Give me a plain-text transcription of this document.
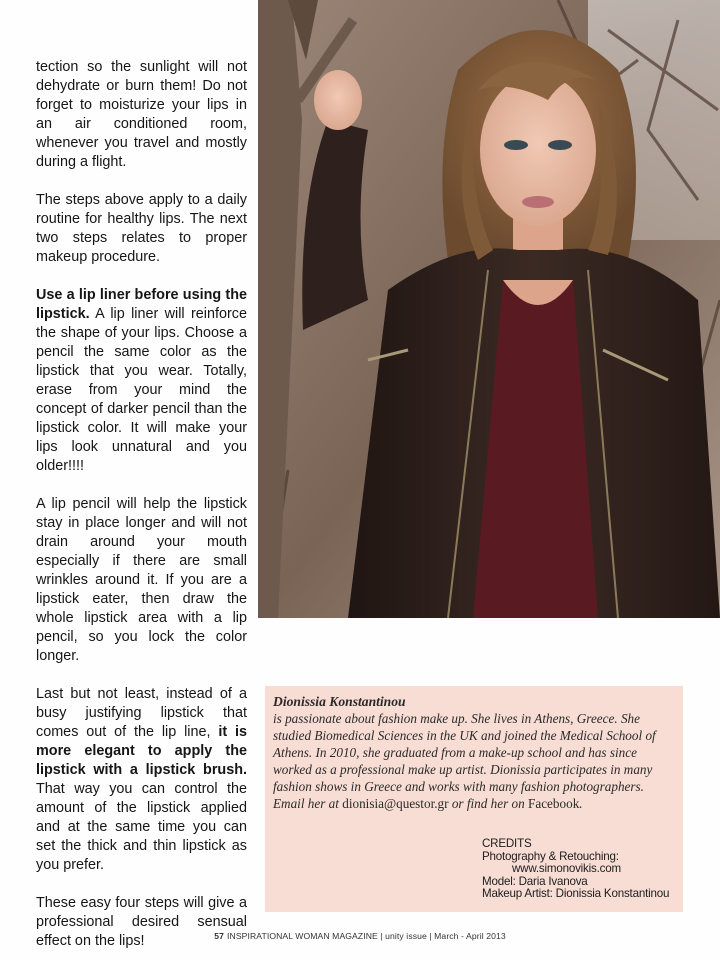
tection so the sunlight will not dehydrate or burn them! Do not forget to moisturize your lips in an air conditioned room, whenever you travel and mostly during a flight.

The steps above apply to a daily routine for healthy lips. The next two steps relates to proper makeup procedure.

Use a lip liner before using the lipstick. A lip liner will reinforce the shape of your lips. Choose a pencil the same color as the lipstick that you wear. Totally, erase from your mind the concept of darker pencil than the lipstick color. It will make your lips look unnatural and you older!!!!

A lip pencil will help the lipstick stay in place longer and will not drain around your mouth especially if there are small wrinkles around it. If you are a lipstick eater, then draw the whole lipstick area with a lip pencil, so you lock the color longer.

Last but not least, instead of a busy justifying lipstick that comes out of the lip line, it is more elegant to apply the lipstick with a lipstick brush. That way you can control the amount of the lipstick applied and at the same time you can set the thick and thin lipstick as you prefer.

These easy four steps will give a professional desired sensual effect on the lips!

Dionissia Konstantinou
is passionate about fashion make up. She lives in Athens, Greece. She studied Biomedical Sciences in the UK and joined the Medical School of Athens. In 2010, she graduated from a make-up school and has since worked as a professional make up artist. Dionissia participates in many fashion shows in Greece and works with many fashion photographers. Email her at dionisia@questor.gr or find her on Facebook.
CREDITS
Photography & Retouching:
www.simonovikis.com
Model: Daria Ivanova
Makeup Artist: Dionissia Konstantinou
57 INSPIRATIONAL WOMAN MAGAZINE | unity issue | March - April 2013
